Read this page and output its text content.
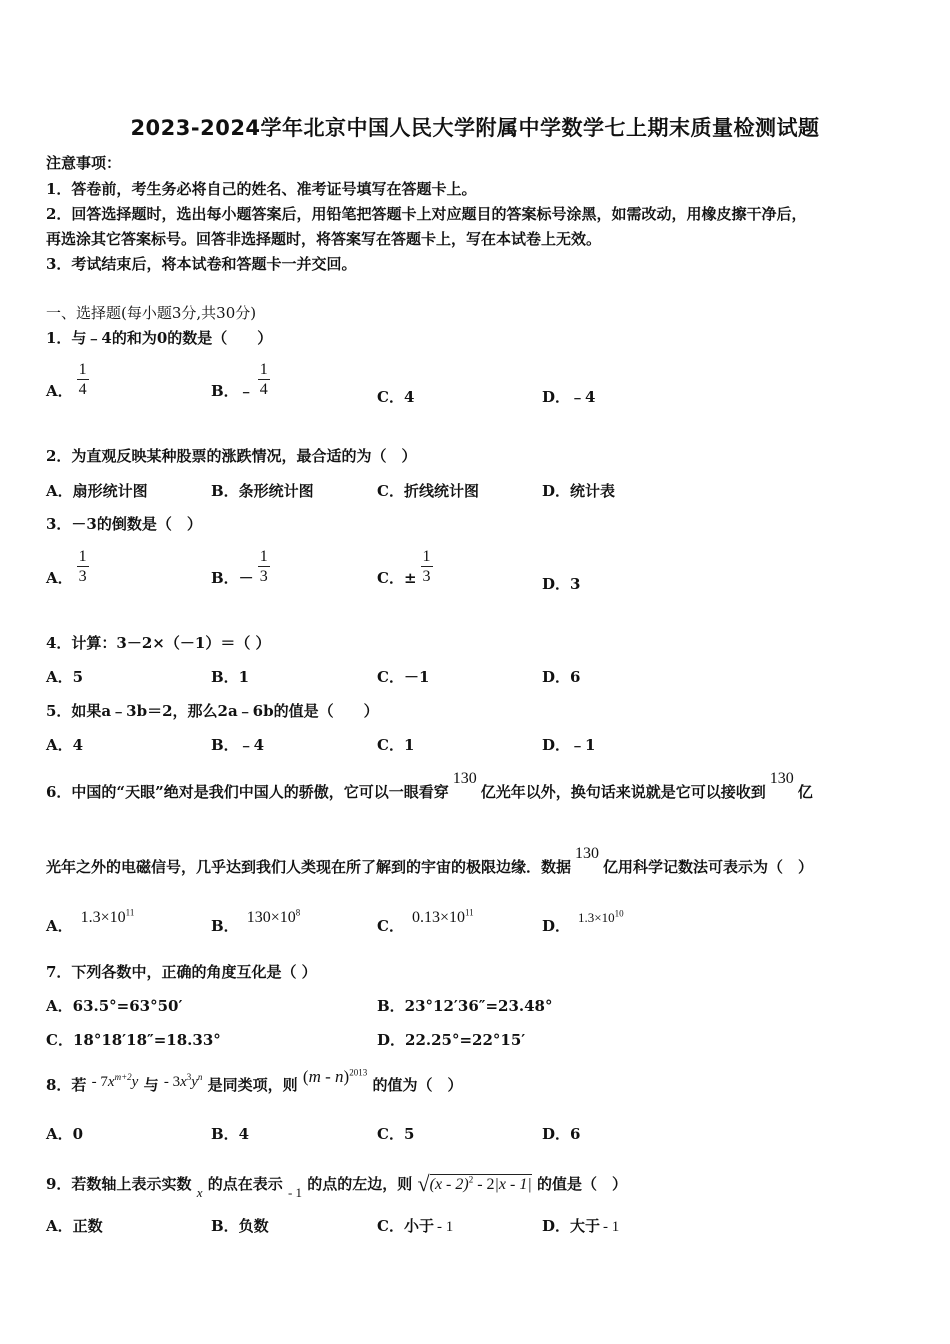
2023-2024学年北京中国人民大学附属中学数学七上期末质量检测试题
注意事项：
1．答卷前，考生务必将自己的姓名、准考证号填写在答题卡上。
2．回答选择题时，选出每小题答案后，用铅笔把答题卡上对应题目的答案标号涂黑，如需改动，用橡皮擦干净后，
再选涂其它答案标号。回答非选择题时，将答案写在答题卡上，写在本试卷上无效。
3．考试结束后，将本试卷和答题卡一并交回。
一、选择题(每小题3分,共30分)
1．与﹣4的和为0的数是（　　）
A． $\frac{1}{4}$	B．﹣ $\frac{1}{4}$	C．4	D．﹣4
2．为直观反映某种股票的涨跌情况，最合适的为（　）
A．扇形统计图	B．条形统计图	C．折线统计图	D．统计表
3．－3的倒数是（　）
A． $\frac{1}{3}$	B．－ $\frac{1}{3}$	C．± $\frac{1}{3}$	D．3
4．计算：3－2×（－1）＝（ ）
A．5	B．1	C．－1	D．6
5．如果a﹣3b＝2，那么2a﹣6b的值是（　　）
A．4	B．﹣4	C．1	D．﹣1
6．中国的“天眼”绝对是我们中国人的骄傲，它可以一眼看穿130亿光年以外，换句话来说就是它可以接收到130亿
光年之外的电磁信号，几乎达到我们人类现在所了解到的宇宙的极限边缘．数据130亿用科学记数法可表示为（　）
A． $1.3\times 10^{11}$
B． $130\times 10^8$
C． $0.13\times 10^{11}$
D． $1.3\times 10^{10}$
7．下列各数中，正确的角度互化是（ ）
A．63.5°=63°50′	B．23°12′36″=23.48°
C．18°18′18″=18.33°	D．22.25°=22°15′
8．若 - $7x^{m+2}y$ 与 - $3x^3y^n$ 是同类项，则 (m - n)$^{2013}$ 的值为（　）
A．0	B．4	C．5	D．6
9．若数轴上表示实数 x 的点在表示 - 1 的点的左边，则 √(x - 2)$^2$ - 2|x - 1| 的值是（　）
A．正数	B．负数	C．小于 - 1	D．大于 - 1
